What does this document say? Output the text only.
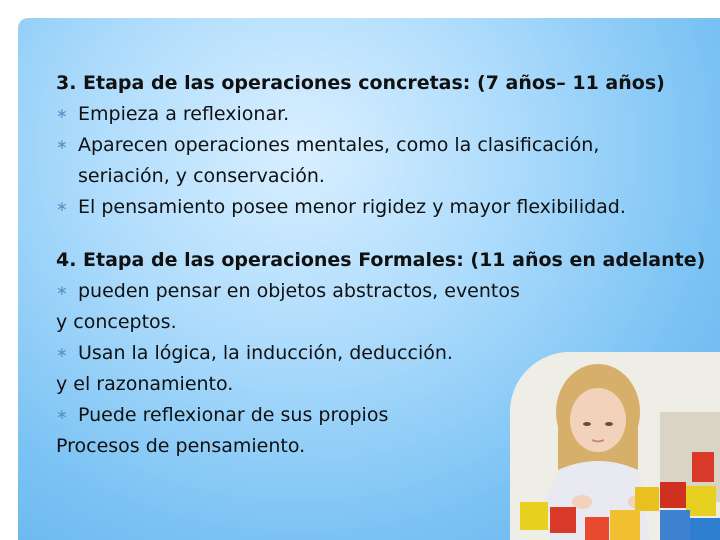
3. Etapa de las operaciones concretas: (7 años– 11 años)
∗ Empieza a reflexionar.
∗ Aparecen operaciones mentales, como la clasificación,
seriación, y conservación.
∗ El pensamiento posee menor rigidez y mayor flexibilidad.
4. Etapa de las operaciones Formales: (11 años en adelante)
∗ pueden pensar en objetos abstractos, eventos
y conceptos.
∗ Usan la lógica, la inducción, deducción.
y el razonamiento.
∗ Puede reflexionar de sus propios
Procesos de pensamiento.
